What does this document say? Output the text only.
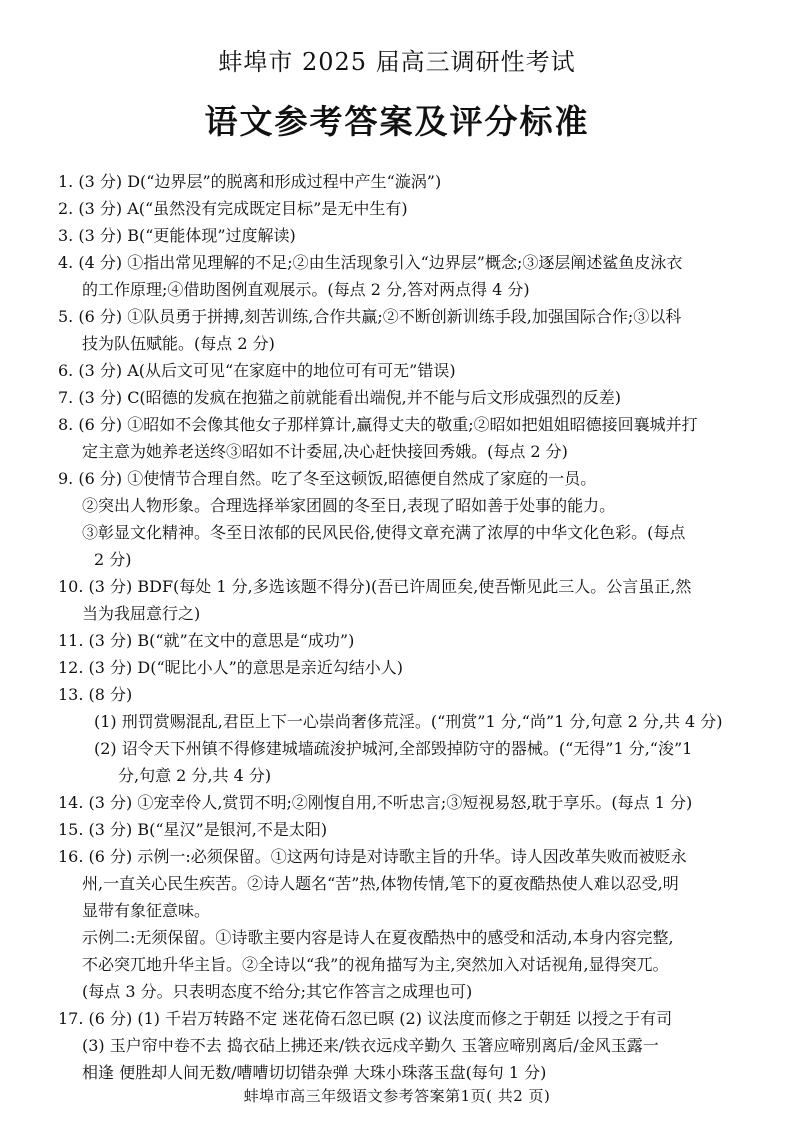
蚌埠市 2025 届高三调研性考试
语文参考答案及评分标准
1. (3 分) D(“边界层”的脱离和形成过程中产生“漩涡”)
2. (3 分) A(“虽然没有完成既定目标”是无中生有)
3. (3 分) B(“更能体现”过度解读)
4. (4 分) ①指出常见理解的不足;②由生活现象引入“边界层”概念;③逐层阐述鲨鱼皮泳衣
的工作原理;④借助图例直观展示。(每点 2 分,答对两点得 4 分)
5. (6 分) ①队员勇于拼搏,刻苦训练,合作共赢;②不断创新训练手段,加强国际合作;③以科
技为队伍赋能。(每点 2 分)
6. (3 分) A(从后文可见“在家庭中的地位可有可无”错误)
7. (3 分) C(昭德的发疯在抱猫之前就能看出端倪,并不能与后文形成强烈的反差)
8. (6 分) ①昭如不会像其他女子那样算计,赢得丈夫的敬重;②昭如把姐姐昭德接回襄城并打
定主意为她养老送终③昭如不计委屈,决心赶快接回秀娥。(每点 2 分)
9. (6 分) ①使情节合理自然。吃了冬至这顿饭,昭德便自然成了家庭的一员。
②突出人物形象。合理选择举家团圆的冬至日,表现了昭如善于处事的能力。
③彰显文化精神。冬至日浓郁的民风民俗,使得文章充满了浓厚的中华文化色彩。(每点
2 分)
10. (3 分) BDF(每处 1 分,多选该题不得分)(吾已许周匝矣,使吾惭见此三人。公言虽正,然
当为我屈意行之)
11. (3 分) B(“就”在文中的意思是“成功”)
12. (3 分) D(“昵比小人”的意思是亲近勾结小人)
13. (8 分)
(1) 刑罚赏赐混乱,君臣上下一心崇尚奢侈荒淫。(“刑赏”1 分,“尚”1 分,句意 2 分,共 4 分)
(2) 诏令天下州镇不得修建城墙疏浚护城河,全部毁掉防守的器械。(“无得”1 分,“浚”1
分,句意 2 分,共 4 分)
14. (3 分) ①宠幸伶人,赏罚不明;②刚愎自用,不听忠言;③短视易怒,耽于享乐。(每点 1 分)
15. (3 分) B(“星汉”是银河,不是太阳)
16. (6 分) 示例一:必须保留。①这两句诗是对诗歌主旨的升华。诗人因改革失败而被贬永
州,一直关心民生疾苦。②诗人题名“苦”热,体物传情,笔下的夏夜酷热使人难以忍受,明
显带有象征意味。
示例二:无须保留。①诗歌主要内容是诗人在夏夜酷热中的感受和活动,本身内容完整,
不必突兀地升华主旨。②全诗以“我”的视角描写为主,突然加入对话视角,显得突兀。
(每点 3 分。只表明态度不给分;其它作答言之成理也可)
17. (6 分) (1) 千岩万转路不定 迷花倚石忽已暝 (2) 议法度而修之于朝廷 以授之于有司
(3) 玉户帘中卷不去 捣衣砧上拂还来/铁衣远戍辛勤久 玉箸应啼别离后/金风玉露一
相逢 便胜却人间无数/嘈嘈切切错杂弹 大珠小珠落玉盘(每句 1 分)
蚌埠市高三年级语文参考答案第1页( 共2 页)
